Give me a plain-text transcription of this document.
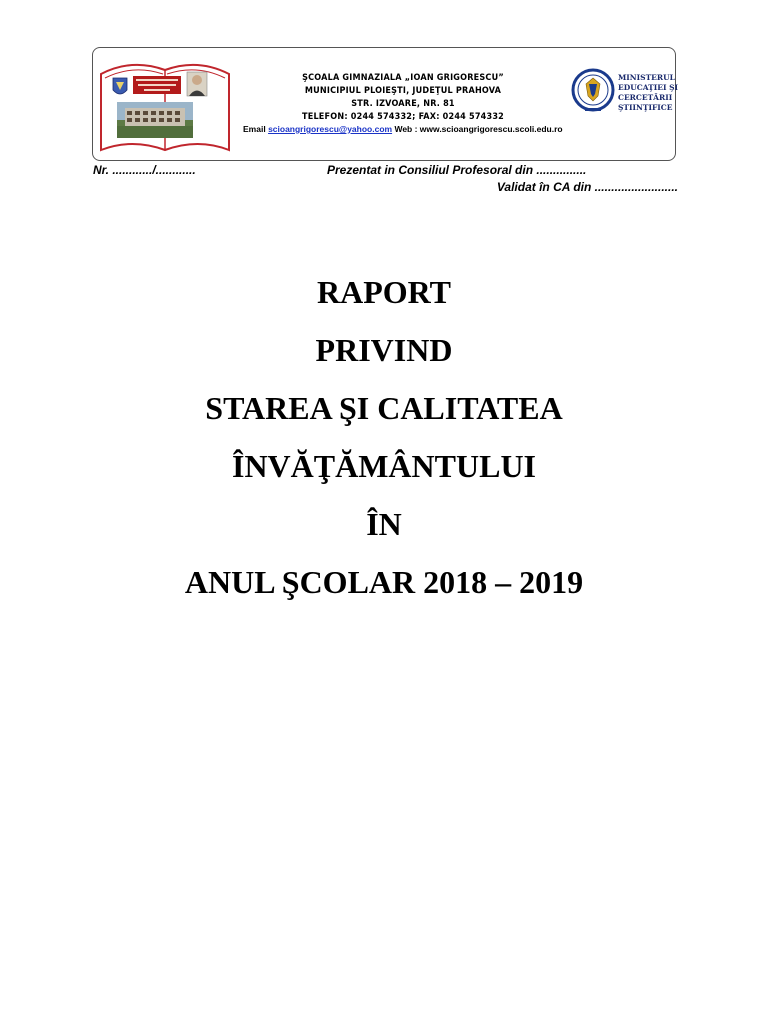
ŞCOALA GIMNAZIALA „IOAN GRIGORESCU”
MUNICIPIUL PLOIEŞTI, JUDEŢUL PRAHOVA
STR. IZVOARE, NR. 81
TELEFON: 0244 574332; FAX: 0244 574332
Email scioangrigorescu@yahoo.com Web : www.scioangrigorescu.scoli.edu.ro
MINISTERUL
EDUCAŢIEI ŞI
CERCETĂRII
ŞTIINŢIFICE
Nr. ............/............	Prezentat in Consiliul Profesoral din ...............
Validat în CA din .........................
RAPORT
PRIVIND
STAREA ŞI CALITATEA
ÎNVĂŢĂMÂNTULUI
ÎN
ANUL ŞCOLAR 2018 – 2019
